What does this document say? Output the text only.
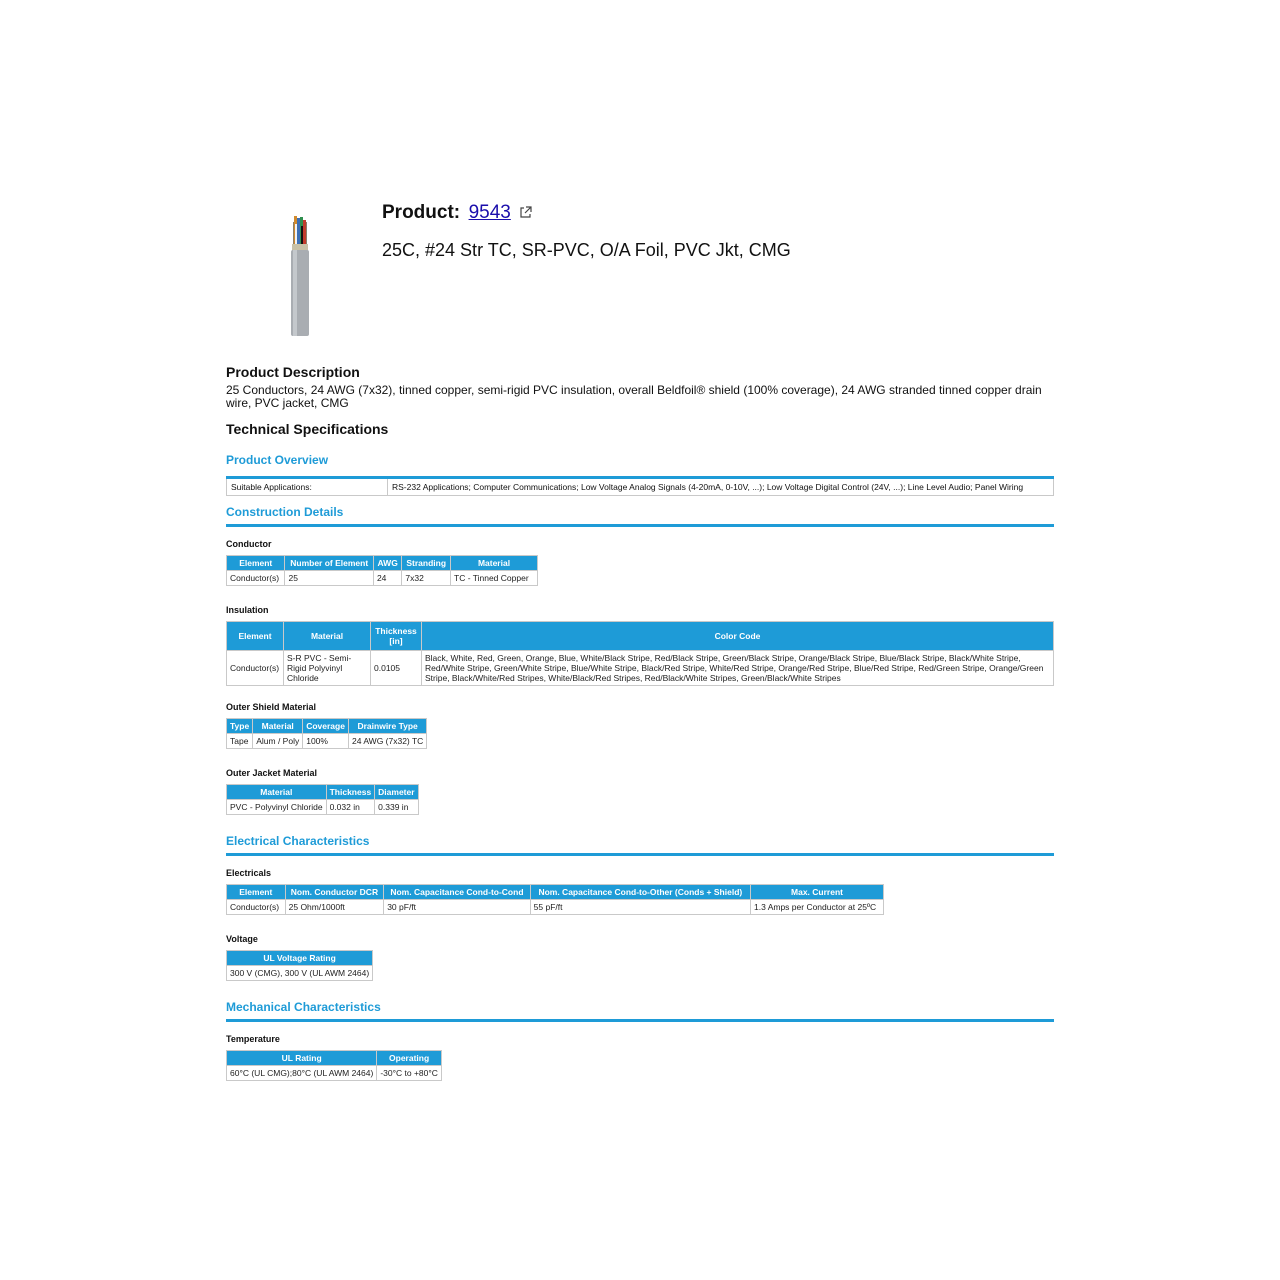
Product: 9543
25C, #24 Str TC, SR-PVC, O/A Foil, PVC Jkt, CMG
Product Description
25 Conductors, 24 AWG (7x32), tinned copper, semi-rigid PVC insulation, overall Beldfoil® shield (100% coverage), 24 AWG stranded tinned copper drain wire, PVC jacket, CMG
Technical Specifications
Product Overview
Suitable Applications:	RS-232 Applications; Computer Communications; Low Voltage Analog Signals (4-20mA, 0-10V, ...); Low Voltage Digital Control (24V, ...); Line Level Audio; Panel Wiring
Construction Details
Conductor
Element	Number of Element	AWG	Stranding	Material
Conductor(s)	25	24	7x32	TC - Tinned Copper
Insulation
Element	Material	Thickness [in]	Color Code
Conductor(s)	S-R PVC - Semi-Rigid Polyvinyl Chloride	0.0105	Black, White, Red, Green, Orange, Blue, White/Black Stripe, Red/Black Stripe, Green/Black Stripe, Orange/Black Stripe, Blue/Black Stripe, Black/White Stripe, Red/White Stripe, Green/White Stripe, Blue/White Stripe, Black/Red Stripe, White/Red Stripe, Orange/Red Stripe, Blue/Red Stripe, Red/Green Stripe, Orange/Green Stripe, Black/White/Red Stripes, White/Black/Red Stripes, Red/Black/White Stripes, Green/Black/White Stripes
Outer Shield Material
Type	Material	Coverage	Drainwire Type
Tape	Alum / Poly	100%	24 AWG (7x32) TC
Outer Jacket Material
Material	Thickness	Diameter
PVC - Polyvinyl Chloride	0.032 in	0.339 in
Electrical Characteristics
Electricals
Element	Nom. Conductor DCR	Nom. Capacitance Cond-to-Cond	Nom. Capacitance Cond-to-Other (Conds + Shield)	Max. Current
Conductor(s)	25 Ohm/1000ft	30 pF/ft	55 pF/ft	1.3 Amps per Conductor at 25ºC
Voltage
UL Voltage Rating
300 V (CMG), 300 V (UL AWM 2464)
Mechanical Characteristics
Temperature
UL Rating	Operating
60°C (UL CMG);80°C (UL AWM 2464)	-30°C to +80°C
